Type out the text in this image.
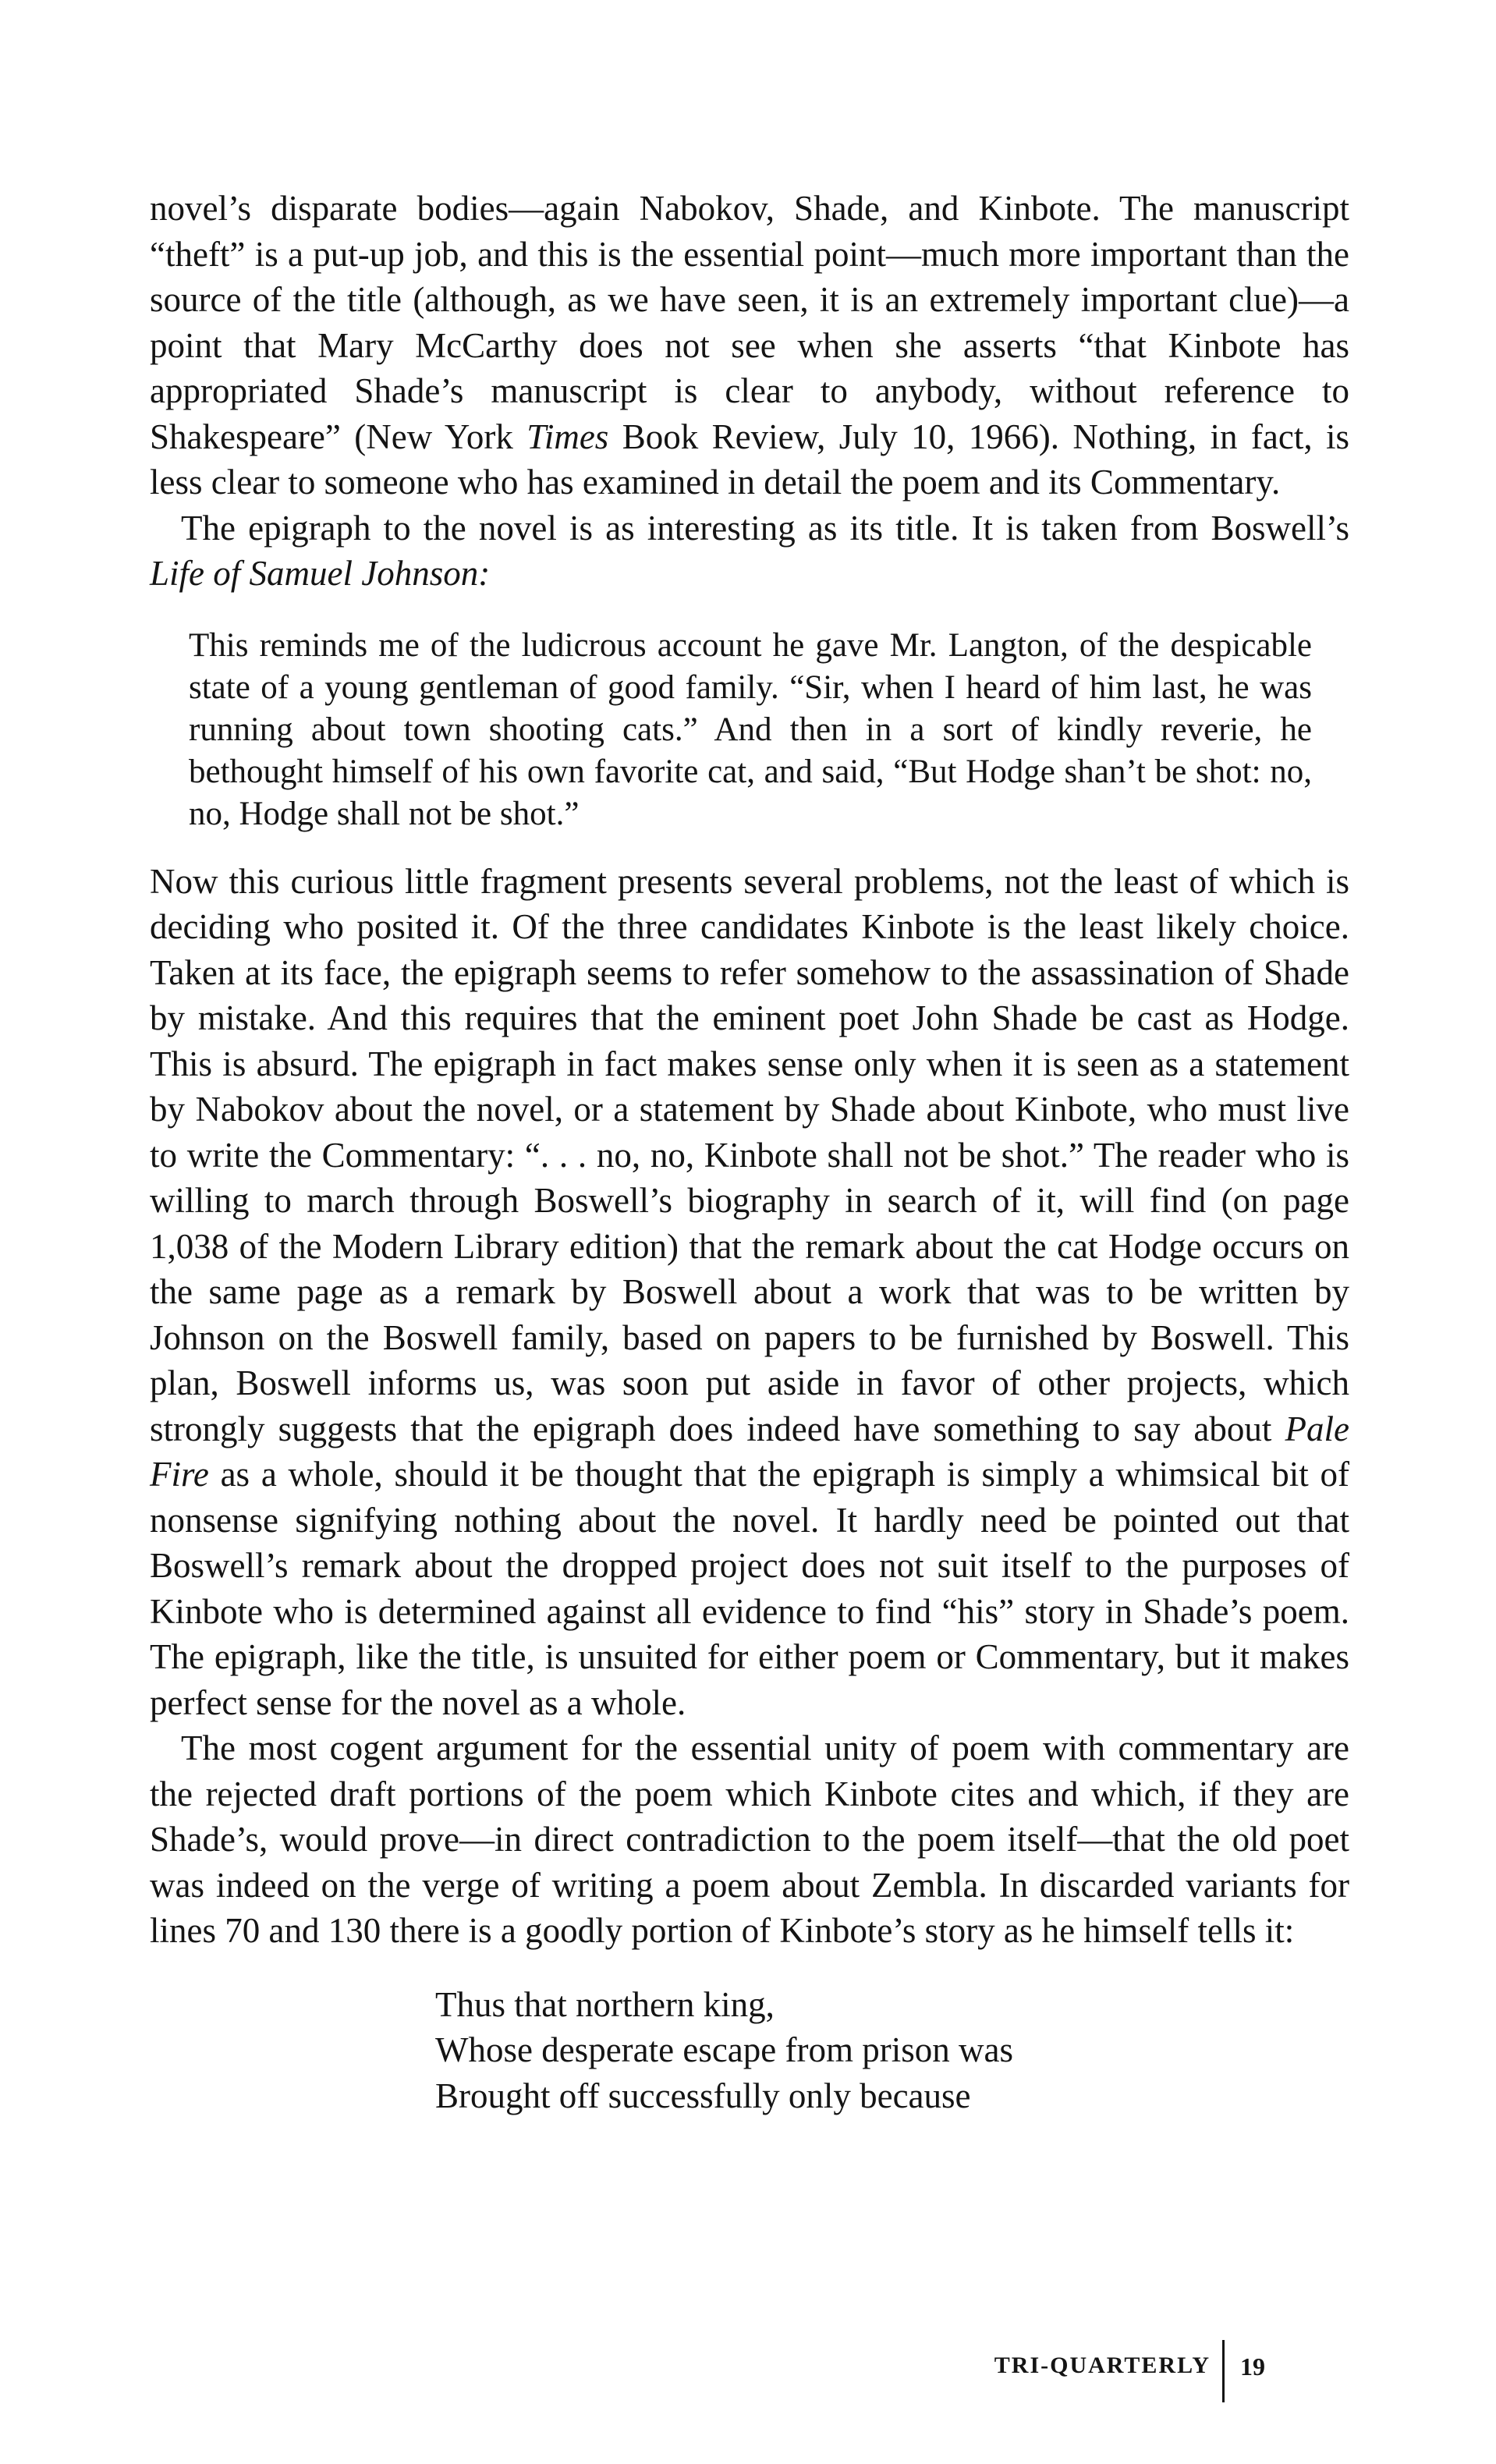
novel’s disparate bodies—again Nabokov, Shade, and Kinbote. The manuscript “theft” is a put-up job, and this is the essential point—much more important than the source of the title (although, as we have seen, it is an extremely important clue)—a point that Mary McCarthy does not see when she asserts “that Kinbote has appropriated Shade’s manuscript is clear to anybody, without reference to Shakespeare” (New York Times Book Review, July 10, 1966). Nothing, in fact, is less clear to someone who has examined in detail the poem and its Commentary.

The epigraph to the novel is as interesting as its title. It is taken from Boswell’s Life of Samuel Johnson:

This reminds me of the ludicrous account he gave Mr. Langton, of the despicable state of a young gentleman of good family. “Sir, when I heard of him last, he was running about town shooting cats.” And then in a sort of kindly reverie, he bethought himself of his own favorite cat, and said, “But Hodge shan’t be shot: no, no, Hodge shall not be shot.”

Now this curious little fragment presents several problems, not the least of which is deciding who posited it. Of the three candidates Kinbote is the least likely choice. Taken at its face, the epigraph seems to refer somehow to the assassination of Shade by mistake. And this requires that the eminent poet John Shade be cast as Hodge. This is absurd. The epigraph in fact makes sense only when it is seen as a statement by Nabokov about the novel, or a statement by Shade about Kinbote, who must live to write the Commentary: “. . . no, no, Kinbote shall not be shot.” The reader who is willing to march through Boswell’s biography in search of it, will find (on page 1,038 of the Modern Library edition) that the remark about the cat Hodge occurs on the same page as a remark by Boswell about a work that was to be written by Johnson on the Boswell family, based on papers to be furnished by Boswell. This plan, Boswell informs us, was soon put aside in favor of other projects, which strongly suggests that the epigraph does indeed have something to say about Pale Fire as a whole, should it be thought that the epigraph is simply a whimsical bit of nonsense signifying nothing about the novel. It hardly need be pointed out that Boswell’s remark about the dropped project does not suit itself to the purposes of Kinbote who is determined against all evidence to find “his” story in Shade’s poem. The epigraph, like the title, is unsuited for either poem or Commentary, but it makes perfect sense for the novel as a whole.

The most cogent argument for the essential unity of poem with commentary are the rejected draft portions of the poem which Kinbote cites and which, if they are Shade’s, would prove—in direct contradiction to the poem itself—that the old poet was indeed on the verge of writing a poem about Zembla. In discarded variants for lines 70 and 130 there is a goodly portion of Kinbote’s story as he himself tells it:

Thus that northern king,
Whose desperate escape from prison was
Brought off successfully only because
TRI-QUARTERLY 19
